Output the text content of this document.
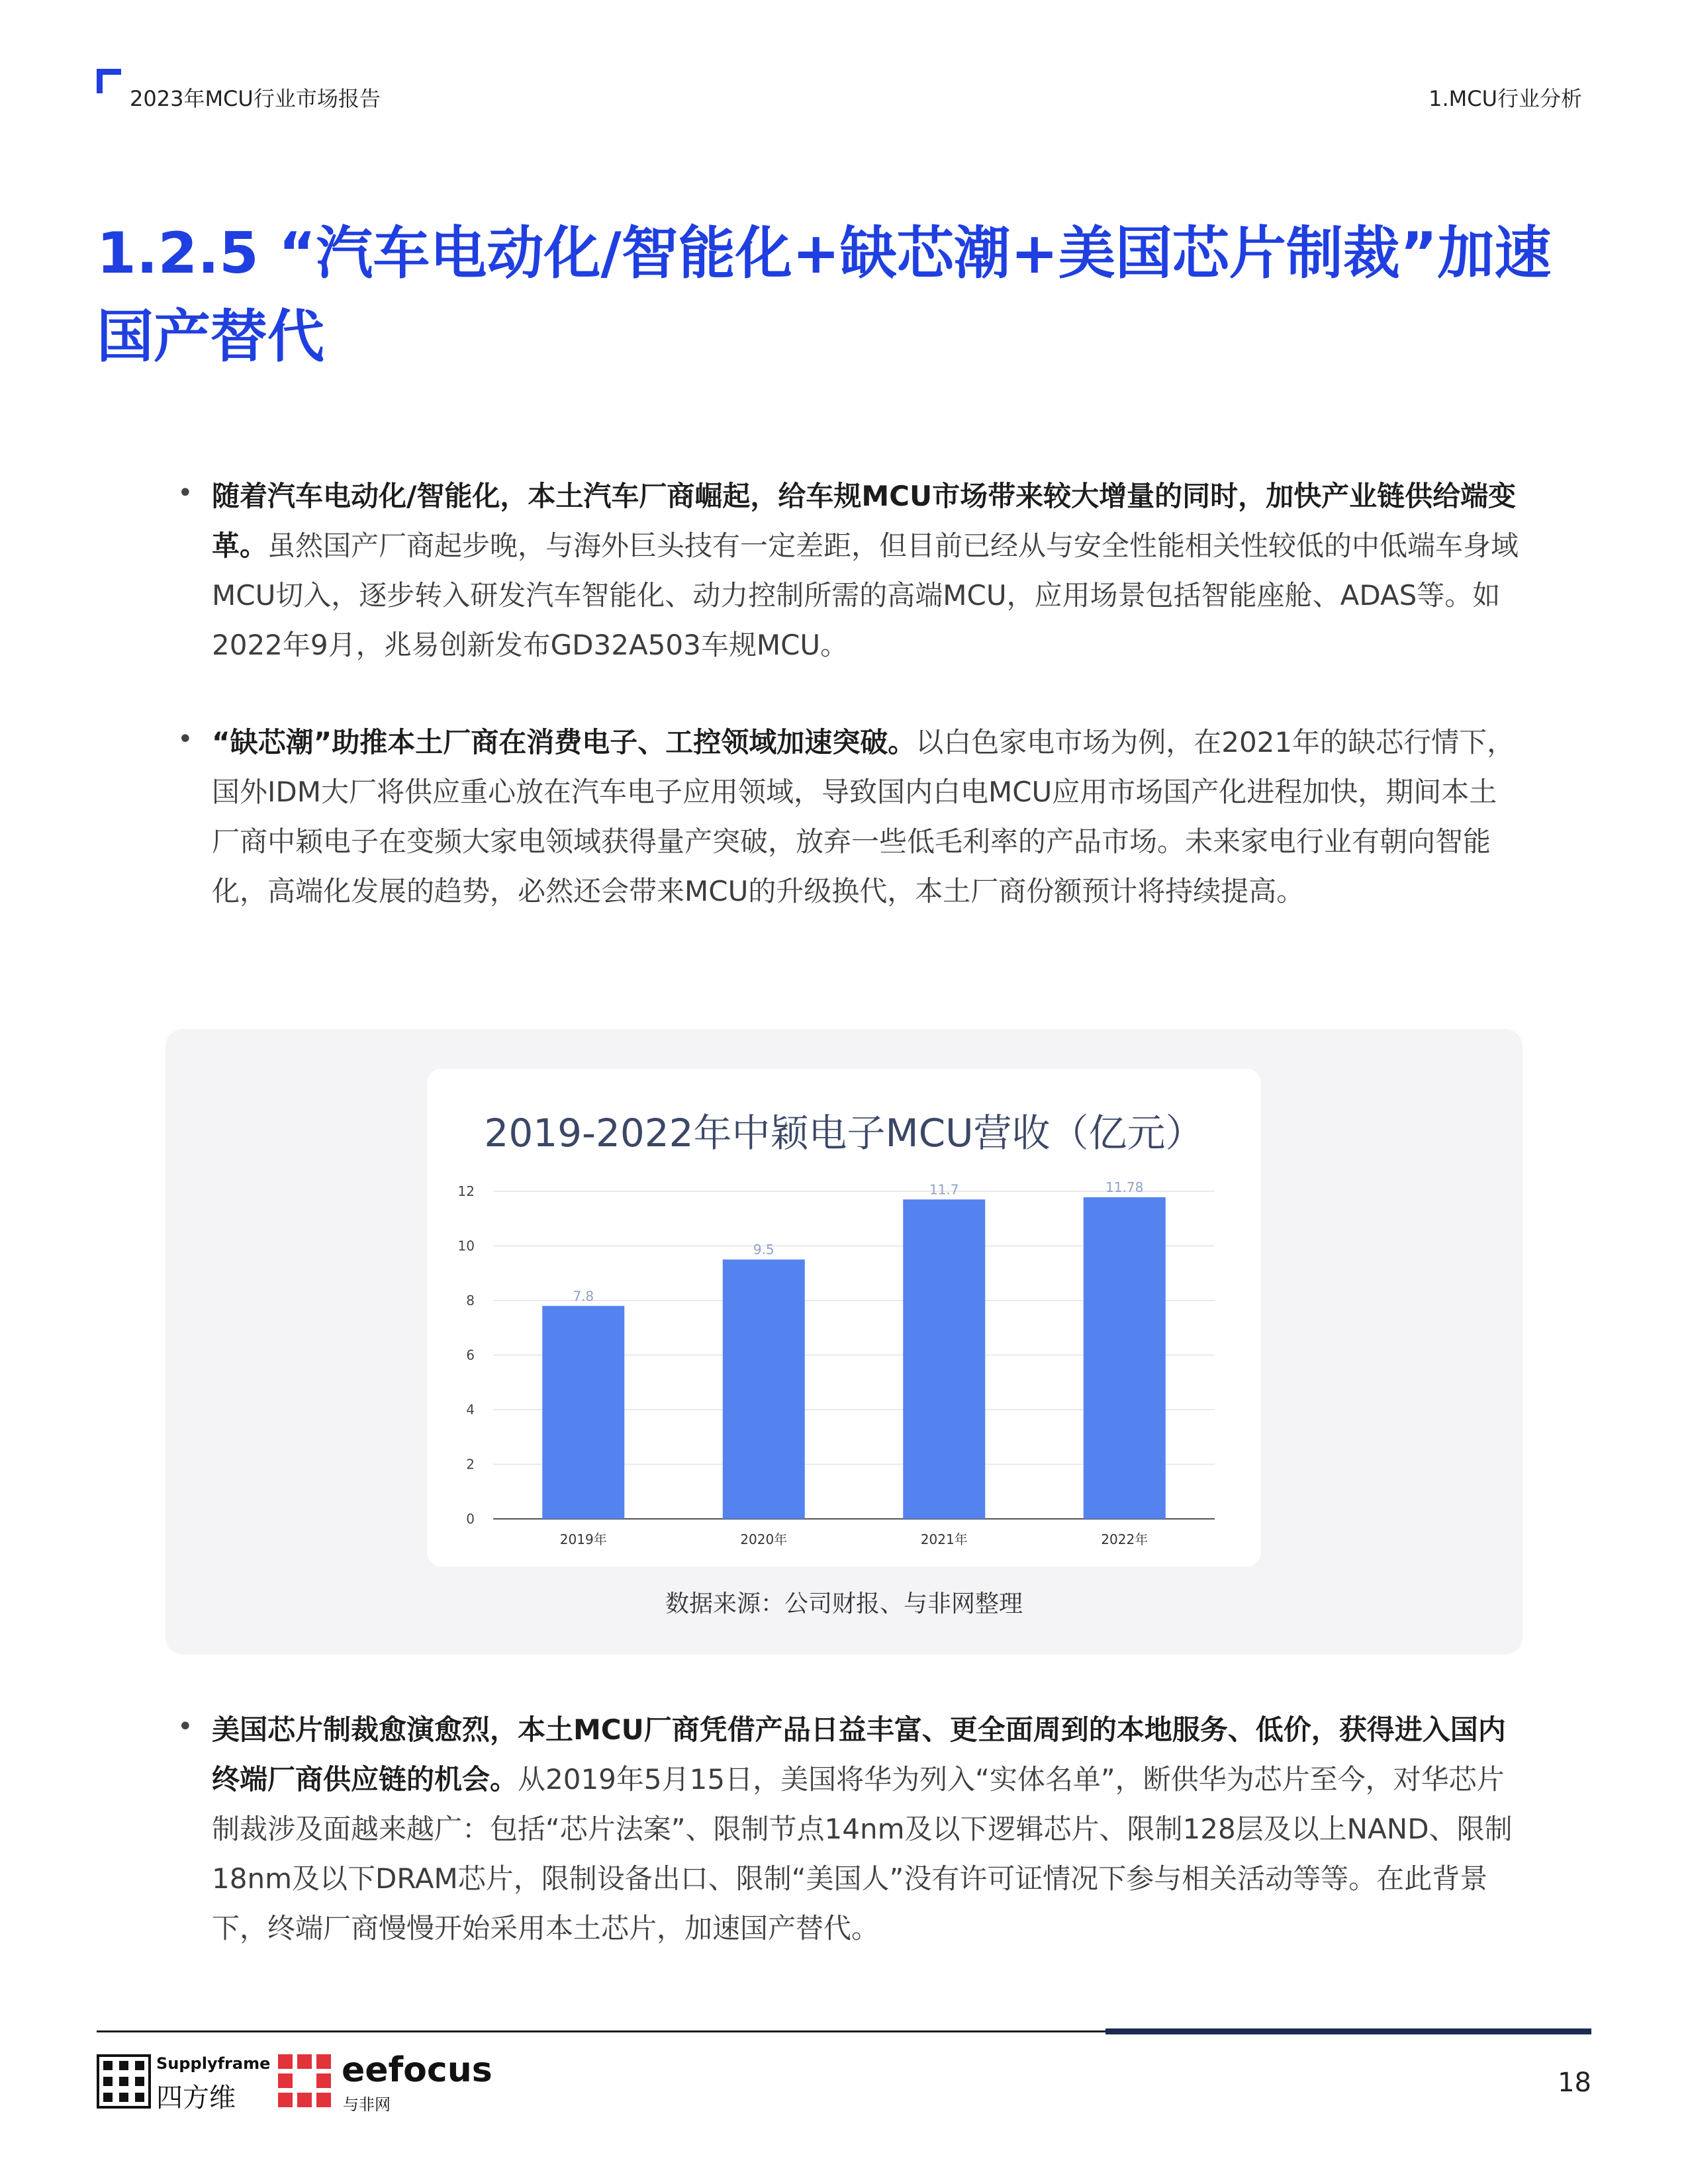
2023年MCU行业市场报告	1.MCU行业分析
1.2.5 “汽车电动化/智能化+缺芯潮+美国芯片制裁”加速国产替代
• 随着汽车电动化/智能化，本土汽车厂商崛起，给车规MCU市场带来较大增量的同时，加快产业链供给端变革。虽然国产厂商起步晚，与海外巨头技有一定差距，但目前已经从与安全性能相关性较低的中低端车身域MCU切入，逐步转入研发汽车智能化、动力控制所需的高端MCU，应用场景包括智能座舱、ADAS等。如2022年9月，兆易创新发布GD32A503车规MCU。

• “缺芯潮”助推本土厂商在消费电子、工控领域加速突破。以白色家电市场为例，在2021年的缺芯行情下，国外IDM大厂将供应重心放在汽车电子应用领域，导致国内白电MCU应用市场国产化进程加快，期间本土厂商中颖电子在变频大家电领域获得量产突破，放弃一些低毛利率的产品市场。未来家电行业有朝向智能化，高端化发展的趋势，必然还会带来MCU的升级换代，本土厂商份额预计将持续提高。

2019-2022年中颖电子MCU营收（亿元）
0
2
4
6
8
10
12
7.8
2019年
9.5
2020年
11.7
2021年
11.78
2022年
数据来源：公司财报、与非网整理
• 美国芯片制裁愈演愈烈，本土MCU厂商凭借产品日益丰富、更全面周到的本地服务、低价，获得进入国内终端厂商供应链的机会。从2019年5月15日，美国将华为列入“实体名单”，断供华为芯片至今，对华芯片制裁涉及面越来越广：包括“芯片法案”、限制节点14nm及以下逻辑芯片、限制128层及以上NAND、限制18nm及以下DRAM芯片，限制设备出口、限制“美国人”没有许可证情况下参与相关活动等等。在此背景下，终端厂商慢慢开始采用本土芯片，加速国产替代。

Supplyframe
四方维
eefocus
与非网
18
